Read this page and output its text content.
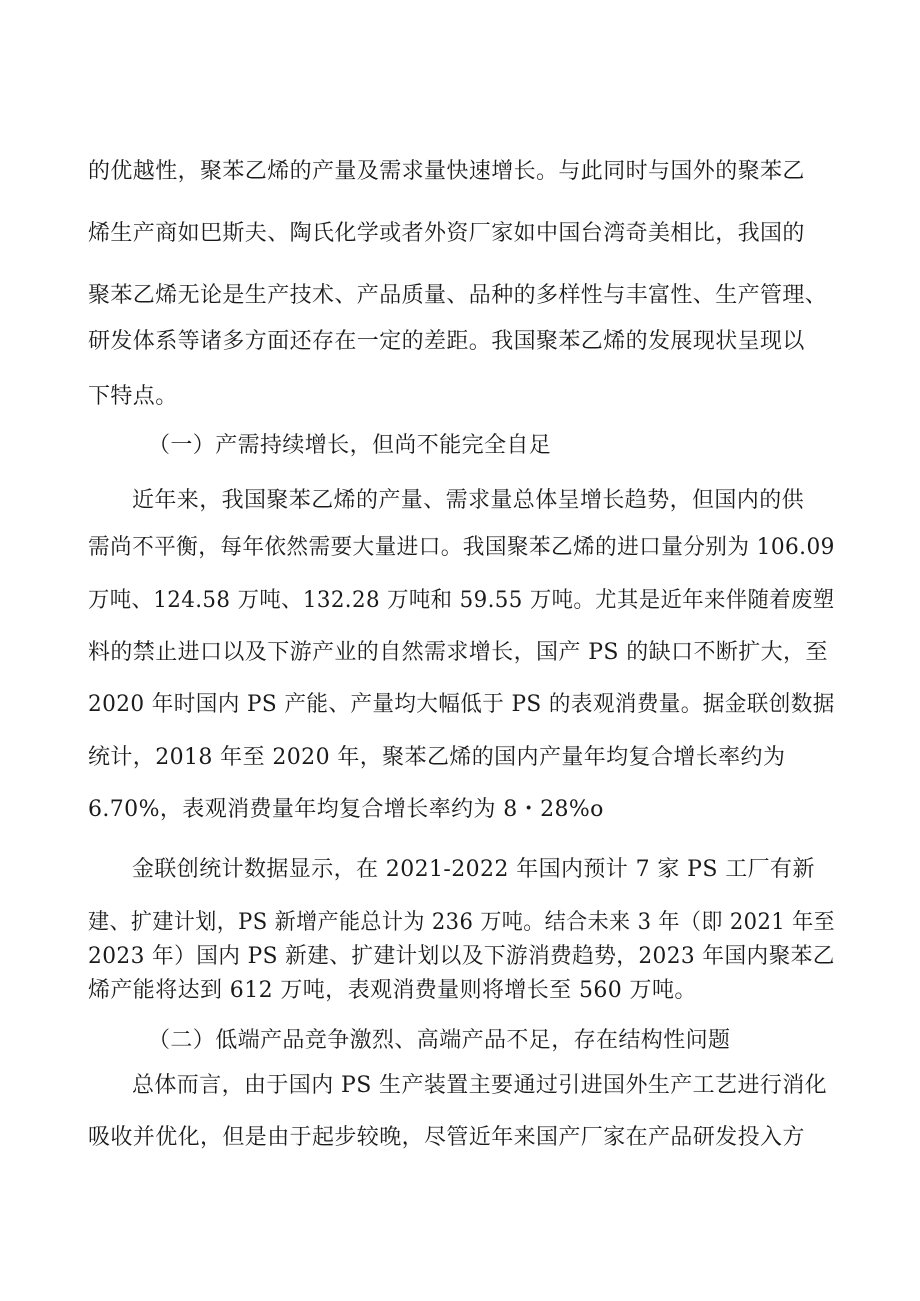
的优越性，聚苯乙烯的产量及需求量快速增长。与此同时与国外的聚苯乙
烯生产商如巴斯夫、陶氏化学或者外资厂家如中国台湾奇美相比，我国的
聚苯乙烯无论是生产技术、产品质量、品种的多样性与丰富性、生产管理、
研发体系等诸多方面还存在一定的差距。我国聚苯乙烯的发展现状呈现以
下特点。
（一）产需持续增长，但尚不能完全自足
近年来，我国聚苯乙烯的产量、需求量总体呈增长趋势，但国内的供
需尚不平衡，每年依然需要大量进口。我国聚苯乙烯的进口量分别为 106.09
万吨、124.58 万吨、132.28 万吨和 59.55 万吨。尤其是近年来伴随着废塑
料的禁止进口以及下游产业的自然需求增长，国产 PS 的缺口不断扩大，至
2020 年时国内 PS 产能、产量均大幅低于 PS 的表观消费量。据金联创数据
统计，2018 年至 2020 年，聚苯乙烯的国内产量年均复合增长率约为
6.70%，表观消费量年均复合增长率约为 8・28%o
金联创统计数据显示，在 2021-2022 年国内预计 7 家 PS 工厂有新
建、扩建计划，PS 新增产能总计为 236 万吨。结合未来 3 年（即 2021 年至
2023 年）国内 PS 新建、扩建计划以及下游消费趋势，2023 年国内聚苯乙
烯产能将达到 612 万吨，表观消费量则将增长至 560 万吨。
（二）低端产品竞争激烈、高端产品不足，存在结构性问题
总体而言，由于国内 PS 生产装置主要通过引进国外生产工艺进行消化
吸收并优化，但是由于起步较晚，尽管近年来国产厂家在产品研发投入方
